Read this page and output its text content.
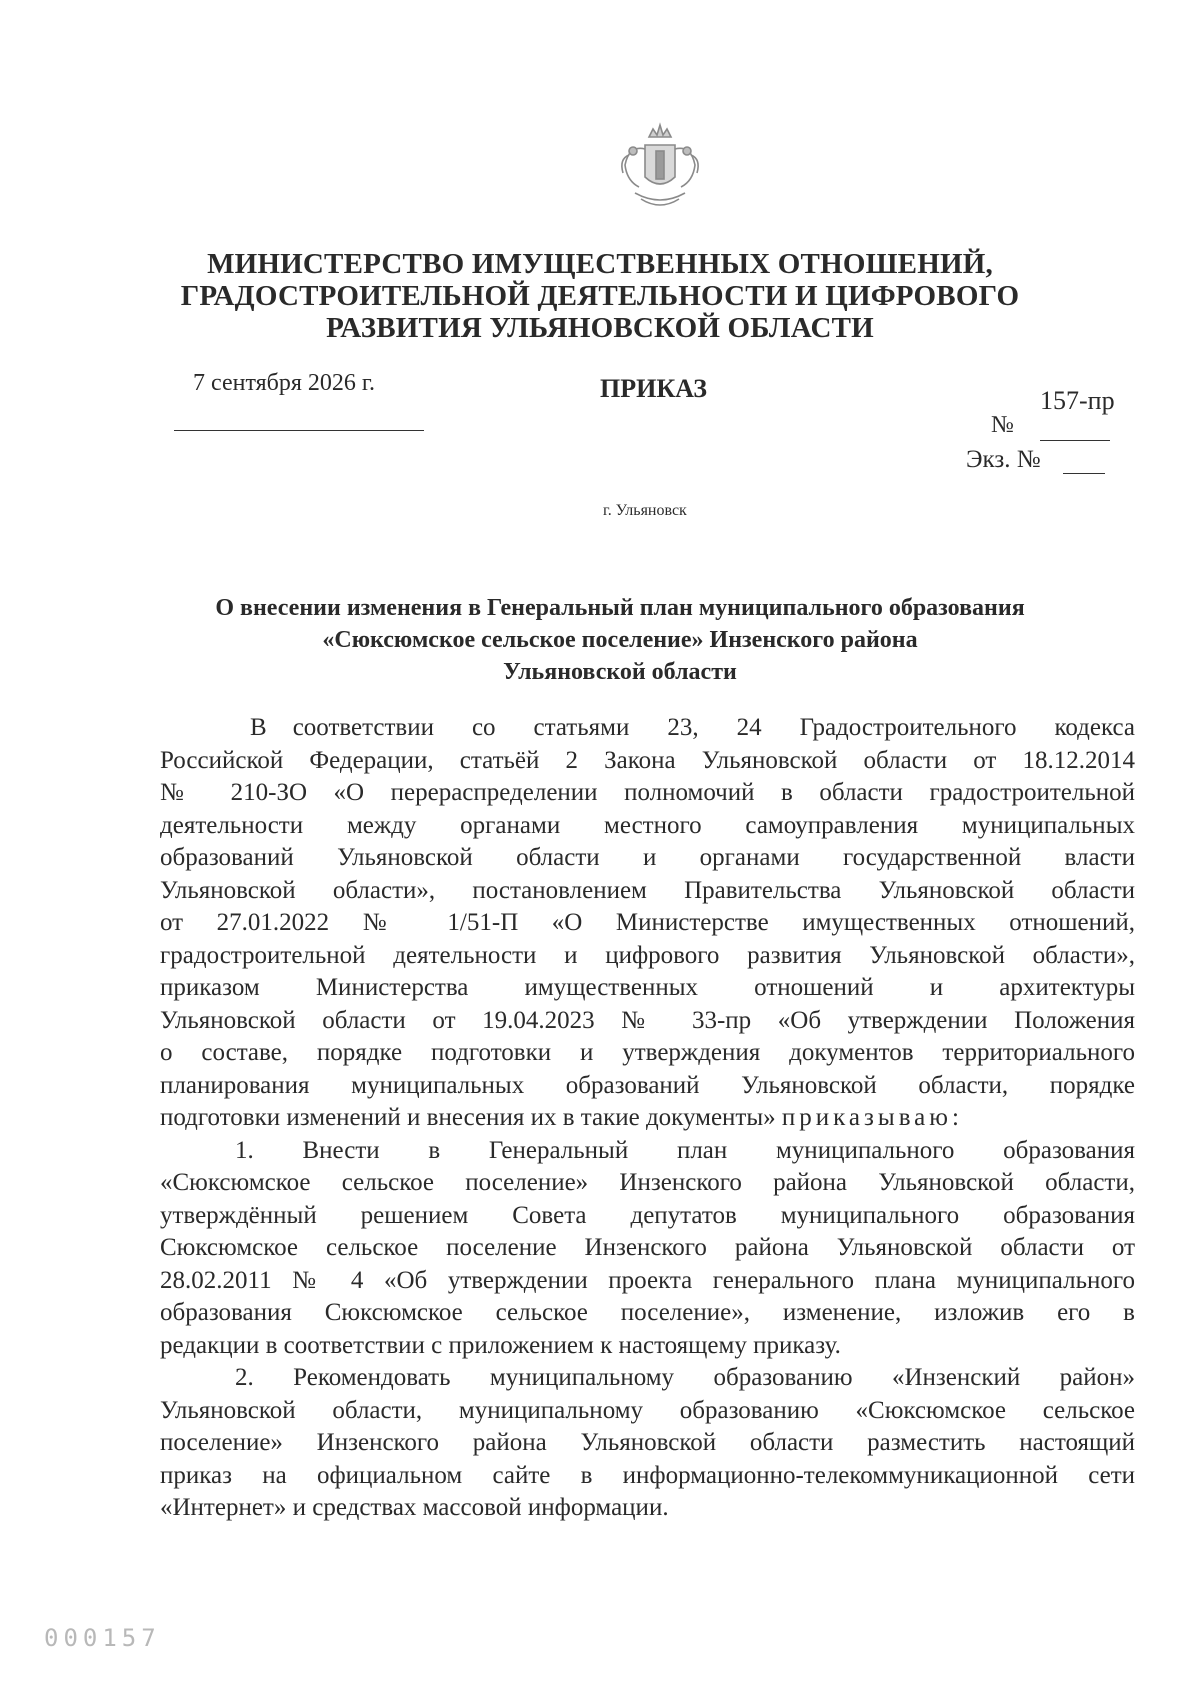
МИНИСТЕРСТВО ИМУЩЕСТВЕННЫХ ОТНОШЕНИЙ,
ГРАДОСТРОИТЕЛЬНОЙ ДЕЯТЕЛЬНОСТИ И ЦИФРОВОГО
РАЗВИТИЯ УЛЬЯНОВСКОЙ ОБЛАСТИ
7 сентября 2026 г.	ПРИКАЗ	157-пр
№
Экз. №
г. Ульяновск
О внесении изменения в Генеральный план муниципального образования
«Сюксюмское сельское поселение» Инзенского района
Ульяновской области
В соответствии со статьями 23, 24 Градостроительного кодекса
Российской Федерации, статьёй 2 Закона Ульяновской области от 18.12.2014
№ 210-ЗО «О перераспределении полномочий в области градостроительной
деятельности между органами местного самоуправления муниципальных
образований Ульяновской области и органами государственной власти
Ульяновской области», постановлением Правительства Ульяновской области
от 27.01.2022 № 1/51-П «О Министерстве имущественных отношений,
градостроительной деятельности и цифрового развития Ульяновской области»,
приказом Министерства имущественных отношений и архитектуры
Ульяновской области от 19.04.2023 № 33-пр «Об утверждении Положения
о составе, порядке подготовки и утверждения документов территориального
планирования муниципальных образований Ульяновской области, порядке
подготовки изменений и внесения их в такие документы» приказываю:
1. Внести в Генеральный план муниципального образования
«Сюксюмское сельское поселение» Инзенского района Ульяновской области,
утверждённый решением Совета депутатов муниципального образования
Сюксюмское сельское поселение Инзенского района Ульяновской области от
28.02.2011 № 4 «Об утверждении проекта генерального плана муниципального
образования Сюксюмское сельское поселение», изменение, изложив его в
редакции в соответствии с приложением к настоящему приказу.
2. Рекомендовать муниципальному образованию «Инзенский район»
Ульяновской области, муниципальному образованию «Сюксюмское сельское
поселение» Инзенского района Ульяновской области разместить настоящий
приказ на официальном сайте в информационно-телекоммуникационной сети
«Интернет» и средствах массовой информации.
000157
